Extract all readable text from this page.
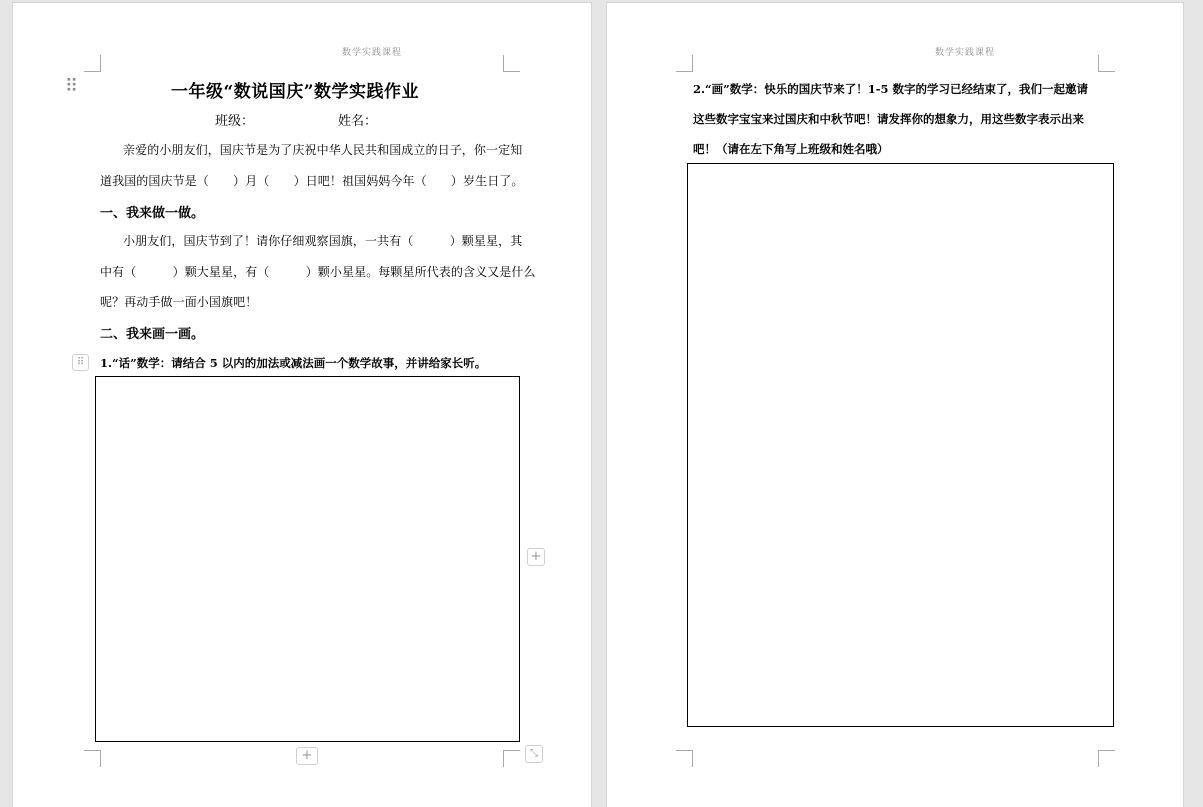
数学实践课程
⠿	一年级“数说国庆”数学实践作业
班级：	姓名：
亲爱的小朋友们，国庆节是为了庆祝中华人民共和国成立的日子，你一定知
道我国的国庆节是（　　）月（　　）日吧！祖国妈妈今年（　　）岁生日了。
一、我来做一做。
小朋友们，国庆节到了！请你仔细观察国旗，一共有（　　　）颗星星，其
中有（　　　）颗大星星，有（　　　）颗小星星。每颗星所代表的含义又是什么
呢？再动手做一面小国旗吧！
二、我来画一画。
⠿	1.“话”数学：请结合 5 以内的加法或减法画一个数学故事，并讲给家长听。
+
+	⤡
数学实践课程
2.“画”数学：快乐的国庆节来了！1-5 数字的学习已经结束了，我们一起邀请
这些数字宝宝来过国庆和中秋节吧！请发挥你的想象力，用这些数字表示出来
吧！（请在左下角写上班级和姓名哦）
